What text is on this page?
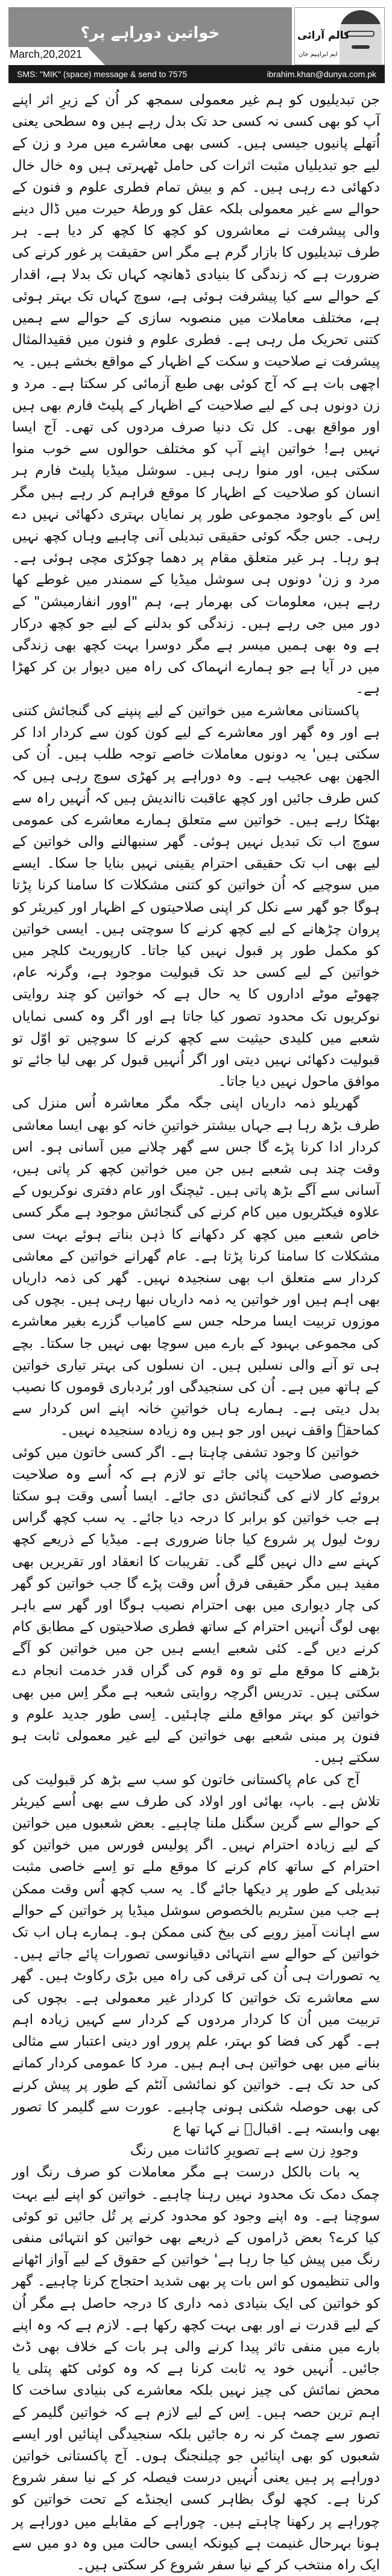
خواتین دوراہے پر؟
March,20,2021
کالم آرائی
ایم ابراہیم خان
SMS: "MIK" (space) message & send to 7575	ibrahim.khan@dunya.com.pk

جن تبدیلیوں کو ہم غیر معمولی سمجھ کر اُن کے زیرِ اثر اپنے آپ کو بھی کسی نہ کسی حد تک بدل رہے ہیں وہ سطحی یعنی اُتھلے پانیوں جیسی ہیں۔ کسی بھی معاشرے میں مرد و زن کے لیے جو تبدیلیاں مثبت اثرات کی حامل ٹھہرتی ہیں وہ خال خال دکھائی دے رہی ہیں۔ کم و بیش تمام فطری علوم و فنون کے حوالے سے غیر معمولی بلکہ عقل کو ورطۂ حیرت میں ڈال دینے والی پیشرفت نے معاشروں کو کچھ کا کچھ کر دیا ہے۔ ہر طرف تبدیلیوں کا بازار گرم ہے مگر اس حقیقت پر غور کرنے کی ضرورت ہے کہ زندگی کا بنیادی ڈھانچہ کہاں تک بدلا ہے، اقدار کے حوالے سے کیا پیشرفت ہوئی ہے، سوچ کہاں تک بہتر ہوئی ہے، مختلف معاملات میں منصوبہ سازی کے حوالے سے ہمیں کتنی تحریک مل رہی ہے۔ فطری علوم و فنون میں فقیدالمثال پیشرفت نے صلاحیت و سکت کے اظہار کے مواقع بخشے ہیں۔ یہ اچھی بات ہے کہ آج کوئی بھی طبع آزمائی کر سکتا ہے۔ مرد و زن دونوں ہی کے لیے صلاحیت کے اظہار کے پلیٹ فارم بھی ہیں اور مواقع بھی۔ کل تک دنیا صرف مردوں کی تھی۔ آج ایسا نہیں ہے! خواتین اپنے آپ کو مختلف حوالوں سے خوب منوا سکتی ہیں، اور منوا رہی ہیں۔ سوشل میڈیا پلیٹ فارم ہر انسان کو صلاحیت کے اظہار کا موقع فراہم کر رہے ہیں مگر اِس کے باوجود مجموعی طور پر نمایاں بہتری دکھائی نہیں دے رہی۔ جس جگہ کوئی حقیقی تبدیلی آنی چاہیے وہاں کچھ نہیں ہو رہا۔ ہر غیر متعلق مقام پر دھما چوکڑی مچی ہوئی ہے۔ مرد و زن' دونوں ہی سوشل میڈیا کے سمندر میں غوطے کھا رہے ہیں، معلومات کی بھرمار ہے، ہم "اوور انفارمیشن" کے دور میں جی رہے ہیں۔ زندگی کو بدلنے کے لیے جو کچھ درکار ہے وہ بھی ہمیں میسر ہے مگر دوسرا بہت کچھ بھی زندگی میں در آیا ہے جو ہمارے انہماک کی راہ میں دیوار بن کر کھڑا ہے۔

پاکستانی معاشرے میں خواتین کے لیے پنپنے کی گنجائش کتنی ہے اور وہ گھر اور معاشرے کے لیے کون کون سے کردار ادا کر سکتی ہیں' یہ دونوں معاملات خاصے توجہ طلب ہیں۔ اُن کی الجھن بھی عجیب ہے۔ وہ دوراہے پر کھڑی سوچ رہی ہیں کہ کس طرف جائیں اور کچھ عاقبت نااندیش ہیں کہ اُنہیں راہ سے بھٹکا رہے ہیں۔ خواتین سے متعلق ہمارے معاشرے کی عمومی سوچ اب تک تبدیل نہیں ہوئی۔ گھر سنبھالنے والی خواتین کے لیے بھی اب تک حقیقی احترام یقینی نہیں بنایا جا سکا۔ ایسے میں سوچیے کہ اُن خواتین کو کتنی مشکلات کا سامنا کرنا پڑتا ہوگا جو گھر سے نکل کر اپنی صلاحیتوں کے اظہار اور کیریئر کو پروان چڑھانے کے لیے کچھ کرنے کا سوچتی ہیں۔ ایسی خواتین کو مکمل طور پر قبول نہیں کیا جاتا۔ کارپوریٹ کلچر میں خواتین کے لیے کسی حد تک قبولیت موجود ہے، وگرنہ عام، چھوٹے موٹے اداروں کا یہ حال ہے کہ خواتین کو چند روایتی نوکریوں تک محدود تصور کیا جاتا ہے اور اگر وہ کسی نمایاں شعبے میں کلیدی حیثیت سے کچھ کرنے کا سوچیں تو اوّل تو قبولیت دکھائی نہیں دیتی اور اگر اُنہیں قبول کر بھی لیا جائے تو موافق ماحول نہیں دیا جاتا۔

گھریلو ذمہ داریاں اپنی جگہ مگر معاشرہ اُس منزل کی طرف بڑھ رہا ہے جہاں بیشتر خواتینِ خانہ کو بھی ایسا معاشی کردار ادا کرنا پڑے گا جس سے گھر چلانے میں آسانی ہو۔ اس وقت چند ہی شعبے ہیں جن میں خواتین کچھ کر پاتی ہیں، آسانی سے آگے بڑھ پاتی ہیں۔ ٹیچنگ اور عام دفتری نوکریوں کے علاوہ فیکٹریوں میں کام کرنے کی گنجائش موجود ہے مگر کسی خاص شعبے میں کچھ کر دکھانے کا ذہن بناتے ہوئے بہت سی مشکلات کا سامنا کرنا پڑتا ہے۔ عام گھرانے خواتین کے معاشی کردار سے متعلق اب بھی سنجیدہ نہیں۔ گھر کی ذمہ داریاں بھی اہم ہیں اور خواتین یہ ذمہ داریاں نبھا رہی ہیں۔ بچوں کی موزوں تربیت ایسا مرحلہ جس سے کامیاب گزرے بغیر معاشرے کی مجموعی بہبود کے بارے میں سوچا بھی نہیں جا سکتا۔ بچے ہی تو آنے والی نسلیں ہیں۔ ان نسلوں کی بہتر تیاری خواتین کے ہاتھ میں ہے۔ اُن کی سنجیدگی اور بُردباری قوموں کا نصیب بدل دیتی ہے۔ ہمارے ہاں خواتینِ خانہ اپنے اس کردار سے کماحقہٗ واقف نہیں اور جو ہیں وہ زیادہ سنجیدہ نہیں۔

خواتین کا وجود تشفی چاہتا ہے۔ اگر کسی خاتون میں کوئی خصوصی صلاحیت پائی جائے تو لازم ہے کہ اُسے وہ صلاحیت بروئے کار لانے کی گنجائش دی جائے۔ ایسا اُسی وقت ہو سکتا ہے جب خواتین کو برابر کا درجہ دیا جائے۔ یہ سب کچھ گراس روٹ لیول پر شروع کیا جانا ضروری ہے۔ میڈیا کے ذریعے کچھ کہنے سے دال نہیں گلے گی۔ تقریبات کا انعقاد اور تقریریں بھی مفید ہیں مگر حقیقی فرق اُس وقت پڑے گا جب خواتین کو گھر کی چار دیواری میں بھی احترام نصیب ہوگا اور گھر سے باہر بھی لوگ اُنہیں احترام کے ساتھ فطری صلاحیتوں کے مطابق کام کرنے دیں گے۔ کئی شعبے ایسے ہیں جن میں خواتین کو آگے بڑھنے کا موقع ملے تو وہ قوم کی گراں قدر خدمت انجام دے سکتی ہیں۔ تدریس اگرچہ روایتی شعبہ ہے مگر اِس میں بھی خواتین کو بہتر مواقع ملنے چاہئیں۔ اِسی طور جدید علوم و فنون پر مبنی شعبے بھی خواتین کے لیے غیر معمولی ثابت ہو سکتے ہیں۔

آج کی عام پاکستانی خاتون کو سب سے بڑھ کر قبولیت کی تلاش ہے۔ باپ، بھائی اور اولاد کی طرف سے بھی اُسے کیریئر کے حوالے سے گرین سگنل ملنا چاہیے۔ بعض شعبوں میں خواتین کے لیے زیادہ احترام نہیں۔ اگر پولیس فورس میں خواتین کو احترام کے ساتھ کام کرنے کا موقع ملے تو اِسے خاصی مثبت تبدیلی کے طور پر دیکھا جائے گا۔ یہ سب کچھ اُس وقت ممکن ہے جب مین سٹریم بالخصوص سوشل میڈیا پر خواتین کے حوالے سے اہانت آمیز رویے کی بیخ کنی ممکن ہو۔ ہمارے ہاں اب تک خواتین کے حوالے سے انتہائی دقیانوسی تصورات پائے جاتے ہیں۔ یہ تصورات ہی اُن کی ترقی کی راہ میں بڑی رکاوٹ ہیں۔ گھر سے معاشرے تک خواتین کا کردار غیر معمولی ہے۔ بچوں کی تربیت میں اُن کا کردار مردوں کے کردار سے کہیں زیادہ اہم ہے۔ گھر کی فضا کو بہتر، علم پرور اور دینی اعتبار سے مثالی بنانے میں بھی خواتین ہی اہم ہیں۔ مرد کا عمومی کردار کمانے کی حد تک ہے۔ خواتین کو نمائشی آئٹم کے طور پر پیش کرنے کی بھی حوصلہ شکنی ہونی چاہیے۔ عورت سے گلیمر کا تصور بھی وابستہ ہے۔ اقبالؔ نے کہا تھا ع

وجودِ زن سے ہے تصویرِ کائنات میں رنگ

یہ بات بالکل درست ہے مگر معاملات کو صرف رنگ اور چمک دمک تک محدود نہیں رہنا چاہیے۔ خواتین کو اپنے لیے بہت سوچنا ہے۔ وہ اپنے وجود کو محدود کرنے پر تُل جائیں تو کوئی کیا کرے؟ بعض ڈراموں کے ذریعے بھی خواتین کو انتہائی منفی رنگ میں پیش کیا جا رہا ہے' خواتین کے حقوق کے لیے آواز اٹھانے والی تنظیموں کو اس بات پر بھی شدید احتجاج کرنا چاہیے۔ گھر کو خواتین کی ایک بنیادی ذمہ داری کا درجہ حاصل ہے مگر اُن کے لیے قدرت نے اور بھی بہت کچھ رکھا ہے۔ لازم ہے کہ وہ اپنے بارے میں منفی تاثر پیدا کرنے والی ہر بات کے خلاف بھی ڈٹ جائیں۔ اُنہیں خود یہ ثابت کرنا ہے کہ وہ کوئی کٹھ پتلی یا محض نمائش کی چیز نہیں بلکہ معاشرے کی بنیادی ساخت کا اہم ترین حصہ ہیں۔ اِس کے لیے لازم ہے کہ خواتین گلیمر کے تصور سے چمٹ کر نہ رہ جائیں بلکہ سنجیدگی اپنائیں اور ایسے شعبوں کو بھی اپنائیں جو چیلنجنگ ہوں۔ آج پاکستانی خواتین دوراہے پر ہیں یعنی اُنہیں درست فیصلہ کر کے نیا سفر شروع کرنا ہے۔ کچھ لوگ بظاہر کسی ایجنڈے کے تحت خواتین کو چوراہے پر رکھنا چاہتے ہیں۔ چوراہے کے مقابلے میں دوراہے پر ہونا بہرحال غنیمت ہے کیونکہ ایسی حالت میں وہ دو میں سے ایک راہ منتخب کر کے نیا سفر شروع کر سکتی ہیں۔
